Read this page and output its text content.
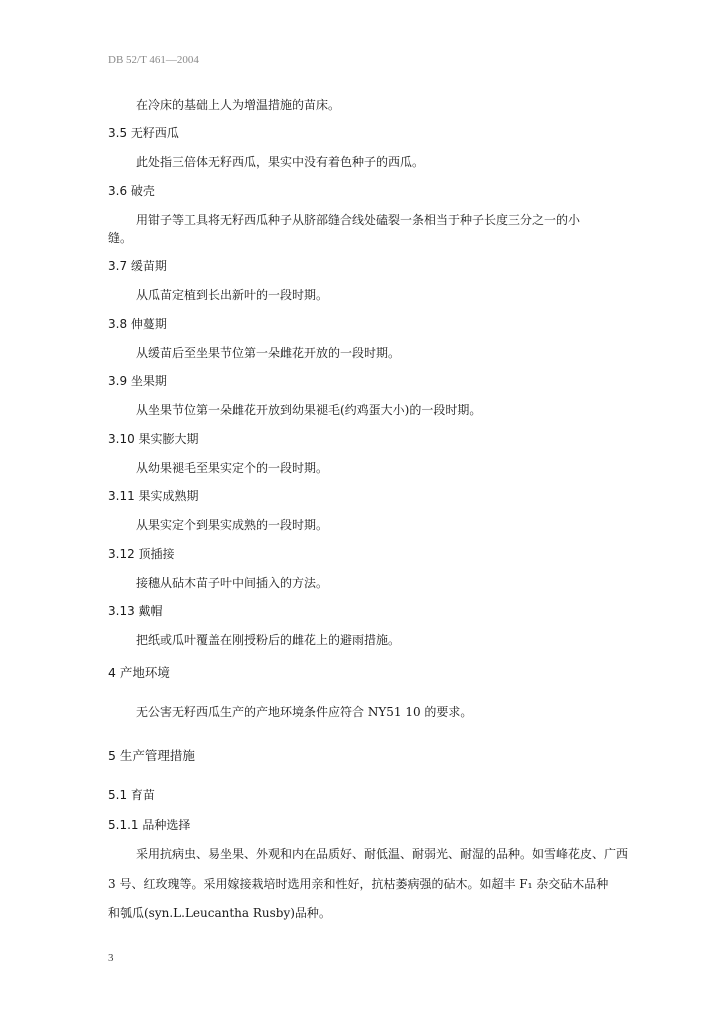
DB 52/T 461—2004
在冷床的基础上人为增温措施的苗床。
3.5 无籽西瓜
此处指三倍体无籽西瓜，果实中没有着色种子的西瓜。
3.6 破壳
用钳子等工具将无籽西瓜种子从脐部缝合线处磕裂一条相当于种子长度三分之一的小
缝。
3.7 缓苗期
从瓜苗定植到长出新叶的一段时期。
3.8 伸蔓期
从缓苗后至坐果节位第一朵雌花开放的一段时期。
3.9 坐果期
从坐果节位第一朵雌花开放到幼果褪毛(约鸡蛋大小)的一段时期。
3.10 果实膨大期
从幼果褪毛至果实定个的一段时期。
3.11 果实成熟期
从果实定个到果实成熟的一段时期。
3.12 顶插接
接穗从砧木苗子叶中间插入的方法。
3.13 戴帽
把纸或瓜叶覆盖在刚授粉后的雌花上的避雨措施。
4 产地环境
无公害无籽西瓜生产的产地环境条件应符合 NY51 10 的要求。
5 生产管理措施
5.1 育苗
5.1.1 品种选择
采用抗病虫、易坐果、外观和内在品质好、耐低温、耐弱光、耐湿的品种。如雪峰花皮、广西
3 号、红玫瑰等。采用嫁接栽培时选用亲和性好，抗枯萎病强的砧木。如超丰 F₁ 杂交砧木品种
和瓠瓜(syn.L.Leucantha Rusby)品种。
3
